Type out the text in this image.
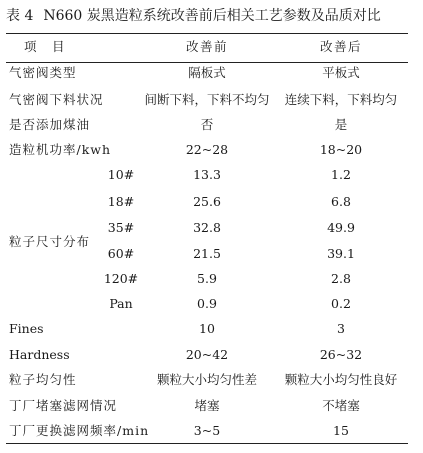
表 4 N660 炭黑造粒系统改善前后相关工艺参数及品质对比
项　目	改善前	改善后
气密阀类型	隔板式	平板式
气密阀下料状况	间断下料，下料不均匀	连续下料，下料均匀
是否添加煤油	否	是
造粒机功率/kwh	22~28	18~20
粒子尺寸分布
10#	13.3	1.2
18#	25.6	6.8
35#	32.8	49.9
60#	21.5	39.1
120#	5.9	2.8
Pan	0.9	0.2
Fines	10	3
Hardness	20~42	26~32
粒子均匀性	颗粒大小均匀性差	颗粒大小均匀性良好
丁厂堵塞滤网情况	堵塞	不堵塞
丁厂更换滤网频率/min	3~5	15
